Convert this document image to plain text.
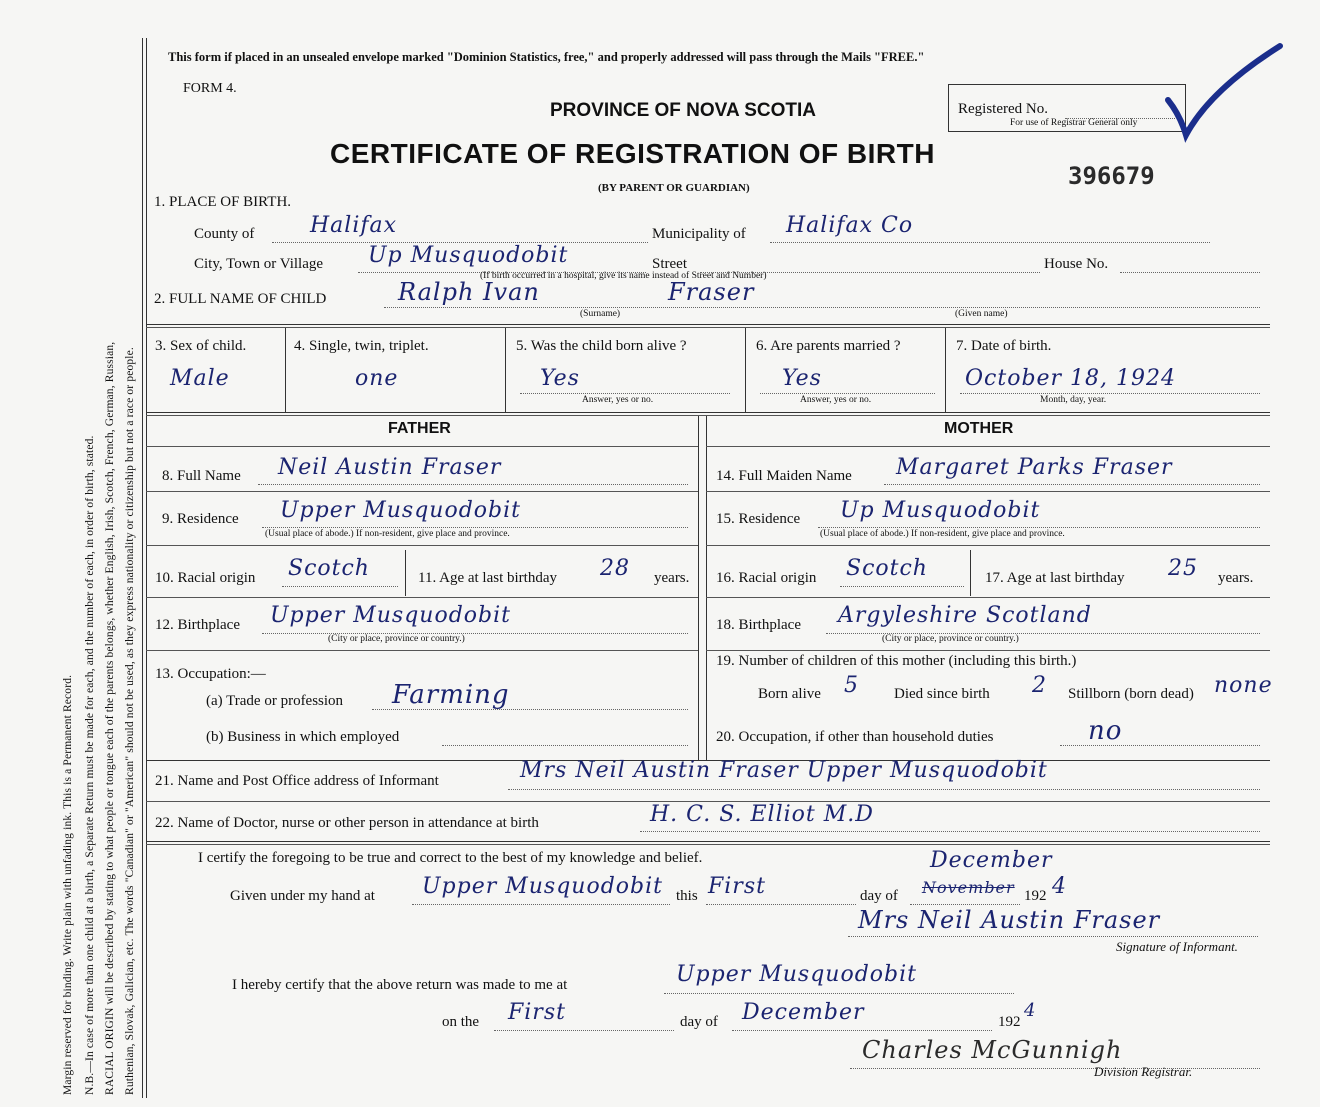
Margin reserved for binding. Write plain with unfading ink. This is a Permanent Record. N.B.—In case of more than one child at a birth, a Separate Return must be made for each, and the number of each, in order of birth, stated. RACIAL ORIGIN will be described by stating to what people or tongue each of the parents belongs, whether English, Irish, Scotch, French, German, Russian, Ruthenian, Slovak, Galician, etc. The words "Canadian" or "American" should not be used, as they express nationality or citizenship but not a race or people.
This form if placed in an unsealed envelope marked "Dominion Statistics, free," and properly addressed will pass through the Mails "FREE."
FORM 4.
PROVINCE OF NOVA SCOTIA
CERTIFICATE OF REGISTRATION OF BIRTH
(BY PARENT OR GUARDIAN)
Registered No.
For use of Registrar General only
396679
1. PLACE OF BIRTH.
County of	Halifax	Municipality of Halifax Co
City, Town or Village Up Musquodobit
(If birth occurred in a hospital, give its name instead of Street and Number)
Street	House No.
2. FULL NAME OF CHILD	Ralph Ivan	Fraser
(Surname)	(Given name)
3. Sex of child.
Male
4. Single, twin, triplet.
one
5. Was the child born alive ?
Yes
Answer, yes or no.
6. Are parents married ?
Yes
Answer, yes or no.
7. Date of birth.
October 18, 1924
Month, day, year.
FATHER	MOTHER
8. Full Name Neil Austin Fraser
9. Residence Upper Musquodobit
(Usual place of abode.) If non-resident, give place and province.
10. Racial origin Scotch	11. Age at last birthday 28 years.
12. Birthplace Upper Musquodobit
(City or place, province or country.)
13. Occupation:—
(a) Trade or profession Farming
(b) Business in which employed
14. Full Maiden Name Margaret Parks Fraser
15. Residence Up Musquodobit
(Usual place of abode.) If non-resident, give place and province.
16. Racial origin Scotch	17. Age at last birthday 25 years.
18. Birthplace Argyleshire Scotland
(City or place, province or country.)
19. Number of children of this mother (including this birth.)
Born alive 5 Died since birth 2 Stillborn (born dead) none
20. Occupation, if other than household duties	no
21. Name and Post Office address of Informant	Mrs Neil Austin Fraser Upper Musquodobit
22. Name of Doctor, nurse or other person in attendance at birth	H. C. S. Elliot M.D
I certify the foregoing to be true and correct to the best of my knowledge and belief.
Given under my hand at Upper Musquodobit this First	day of November
December
192 4
Mrs Neil Austin Fraser
Signature of Informant.
I hereby certify that the above return was made to me at	Upper Musquodobit
on the First	day of December	192
4
Charles McGunnigh
Division Registrar.
